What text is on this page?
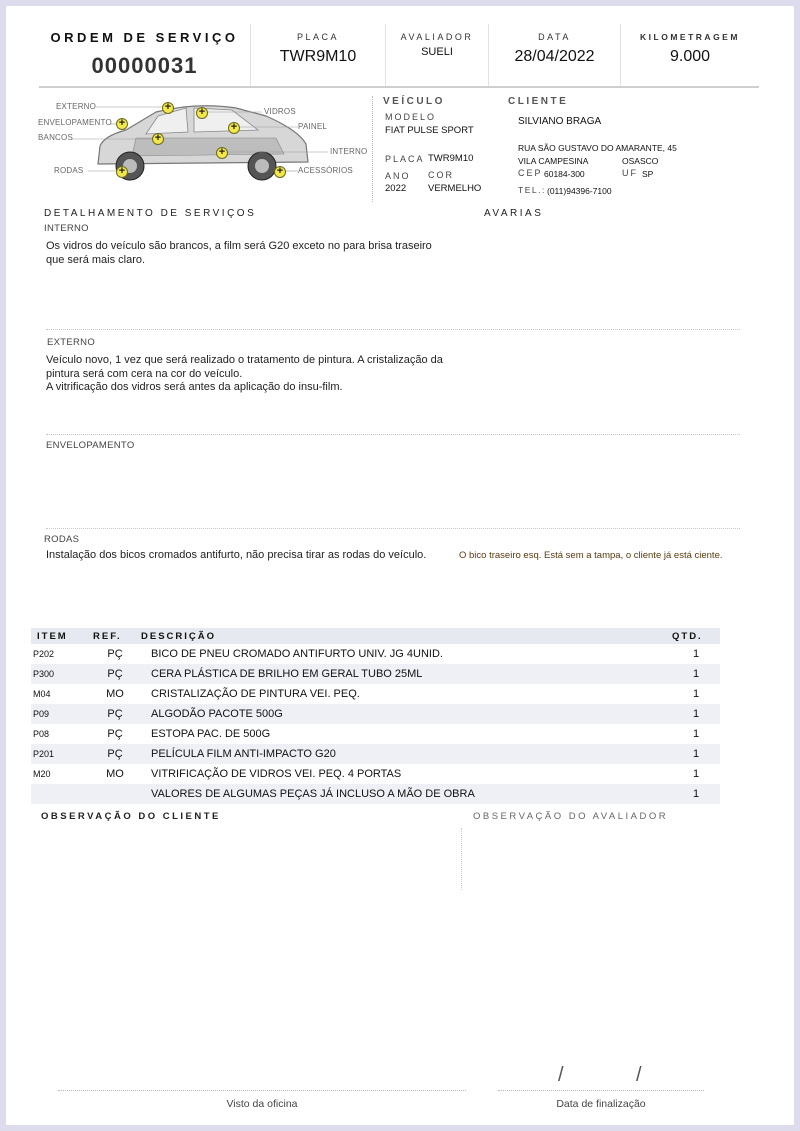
ORDEM DE SERVIÇO
00000031
PLACA
TWR9M10
AVALIADOR
SUELI
DATA
28/04/2022
KILOMETRAGEM
9.000
EXTERNO
ENVELOPAMENTO
BANCOS
RODAS
VIDROS
PAINEL
INTERNO
ACESSÓRIOS
+
+
+
+
+
+
+
+
VEÍCULO
MODELO
FIAT PULSE SPORT
PLACA TWR9M10
ANO COR
2022 VERMELHO
CLIENTE
SILVIANO BRAGA
RUA SÃO GUSTAVO DO AMARANTE, 45
VILA CAMPESINA	OSASCO
CEP 60184-300	UF SP
TEL.: (011)94396-7100
DETALHAMENTO DE SERVIÇOS	AVARIAS
INTERNO
Os vidros do veículo são brancos, a film será G20 exceto no para brisa traseiro
que será mais claro.
EXTERNO
Veículo novo, 1 vez que será realizado o tratamento de pintura. A cristalização da
pintura será com cera na cor do veículo.
A vitrificação dos vidros será antes da aplicação do insu-film.
ENVELOPAMENTO
RODAS
Instalação dos bicos cromados antifurto, não precisa tirar as rodas do veículo.	O bico traseiro esq. Está sem a tampa, o cliente já está ciente.
ITEM	REF.	DESCRIÇÃO	QTD.
P202	PÇ	BICO DE PNEU CROMADO ANTIFURTO UNIV. JG 4UNID.	1
P300	PÇ	CERA PLÁSTICA DE BRILHO EM GERAL TUBO 25ML	1
M04	MO	CRISTALIZAÇÃO DE PINTURA VEI. PEQ.	1
P09	PÇ	ALGODÃO PACOTE 500G	1
P08	PÇ	ESTOPA PAC. DE 500G	1
P201	PÇ	PELÍCULA FILM ANTI-IMPACTO G20	1
M20	MO	VITRIFICAÇÃO DE VIDROS VEI. PEQ. 4 PORTAS	1
		VALORES DE ALGUMAS PEÇAS JÁ INCLUSO A MÃO DE OBRA	1
OBSERVAÇÃO DO CLIENTE	OBSERVAÇÃO DO AVALIADOR
Visto da oficina
/	/
Data de finalização
